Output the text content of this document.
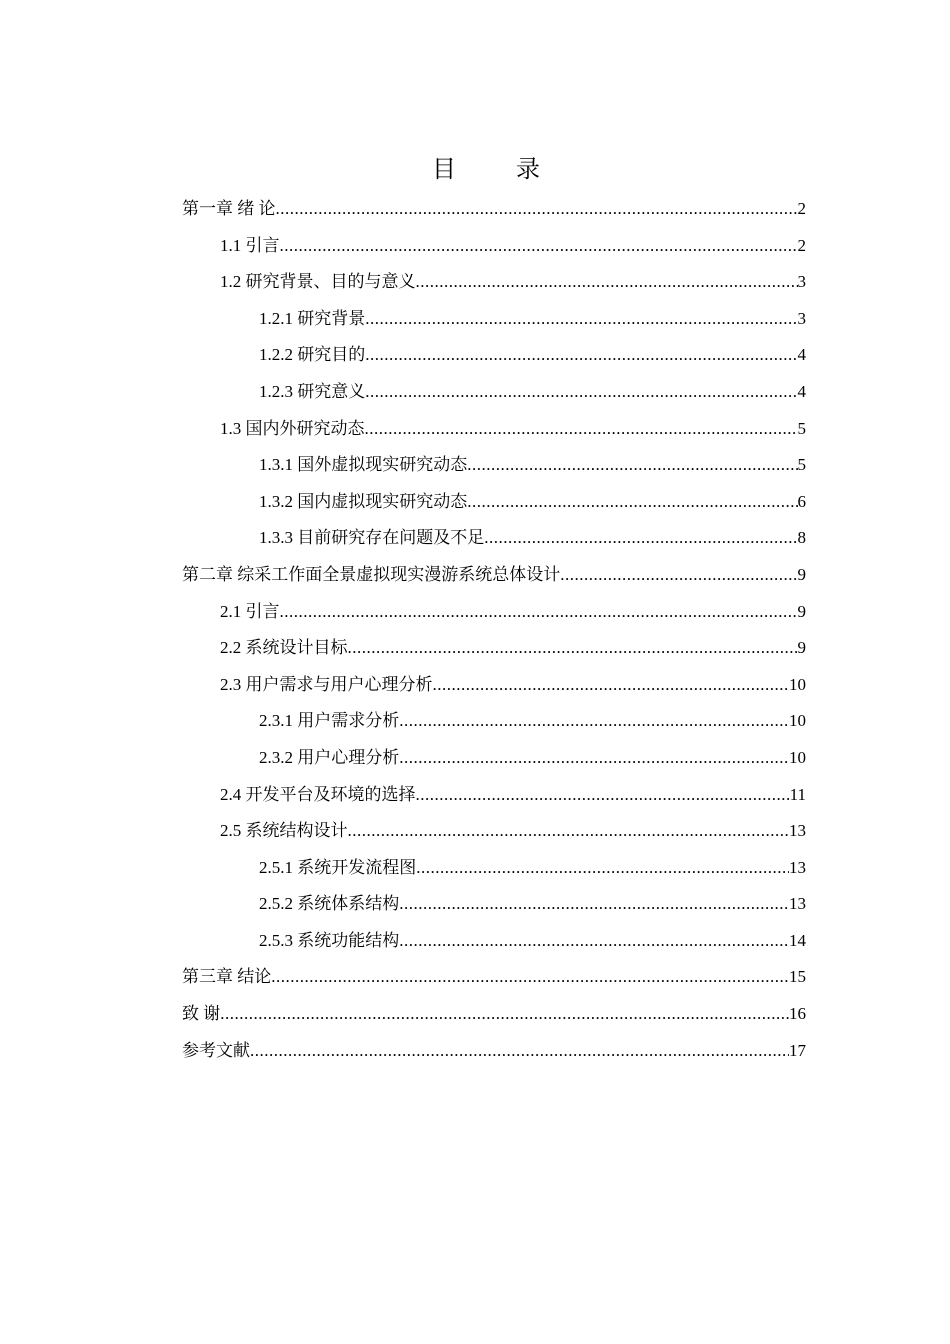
目　录
第一章 绪 论 .....	2
1.1 引言 .....	2
1.2 研究背景、目的与意义 .....	3
1.2.1 研究背景 .....	3
1.2.2 研究目的 .....	4
1.2.3 研究意义 .....	4
1.3 国内外研究动态 .....	5
1.3.1 国外虚拟现实研究动态 .....	5
1.3.2 国内虚拟现实研究动态 .....	6
1.3.3 目前研究存在问题及不足 .....	8
第二章 综采工作面全景虚拟现实漫游系统总体设计 .....	9
2.1 引言 .....	9
2.2 系统设计目标 .....	9
2.3 用户需求与用户心理分析 .....	10
2.3.1 用户需求分析 .....	10
2.3.2 用户心理分析 .....	10
2.4 开发平台及环境的选择 .....	11
2.5 系统结构设计 .....	13
2.5.1 系统开发流程图 .....	13
2.5.2 系统体系结构 .....	13
2.5.3 系统功能结构 .....	14
第三章 结论 .....	15
致 谢 .....	16
参考文献 .....	17
